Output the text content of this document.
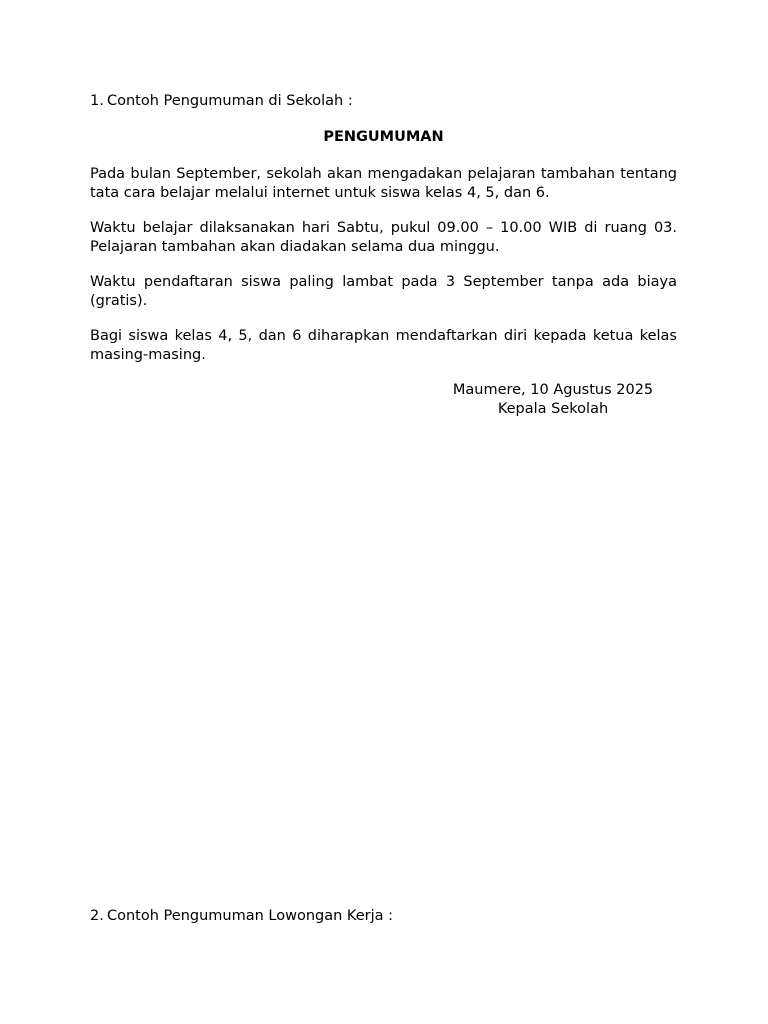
1. Contoh Pengumuman di Sekolah :
PENGUMUMAN
Pada bulan September, sekolah akan mengadakan pelajaran tambahan tentang tata cara belajar melalui internet untuk siswa kelas 4, 5, dan 6.
Waktu belajar dilaksanakan hari Sabtu, pukul 09.00 – 10.00 WIB di ruang 03. Pelajaran tambahan akan diadakan selama dua minggu.
Waktu pendaftaran siswa paling lambat pada 3 September tanpa ada biaya (gratis).
Bagi siswa kelas 4, 5, dan 6 diharapkan mendaftarkan diri kepada ketua kelas masing-masing.
Maumere, 10 Agustus 2025
Kepala Sekolah
2. Contoh Pengumuman Lowongan Kerja :
